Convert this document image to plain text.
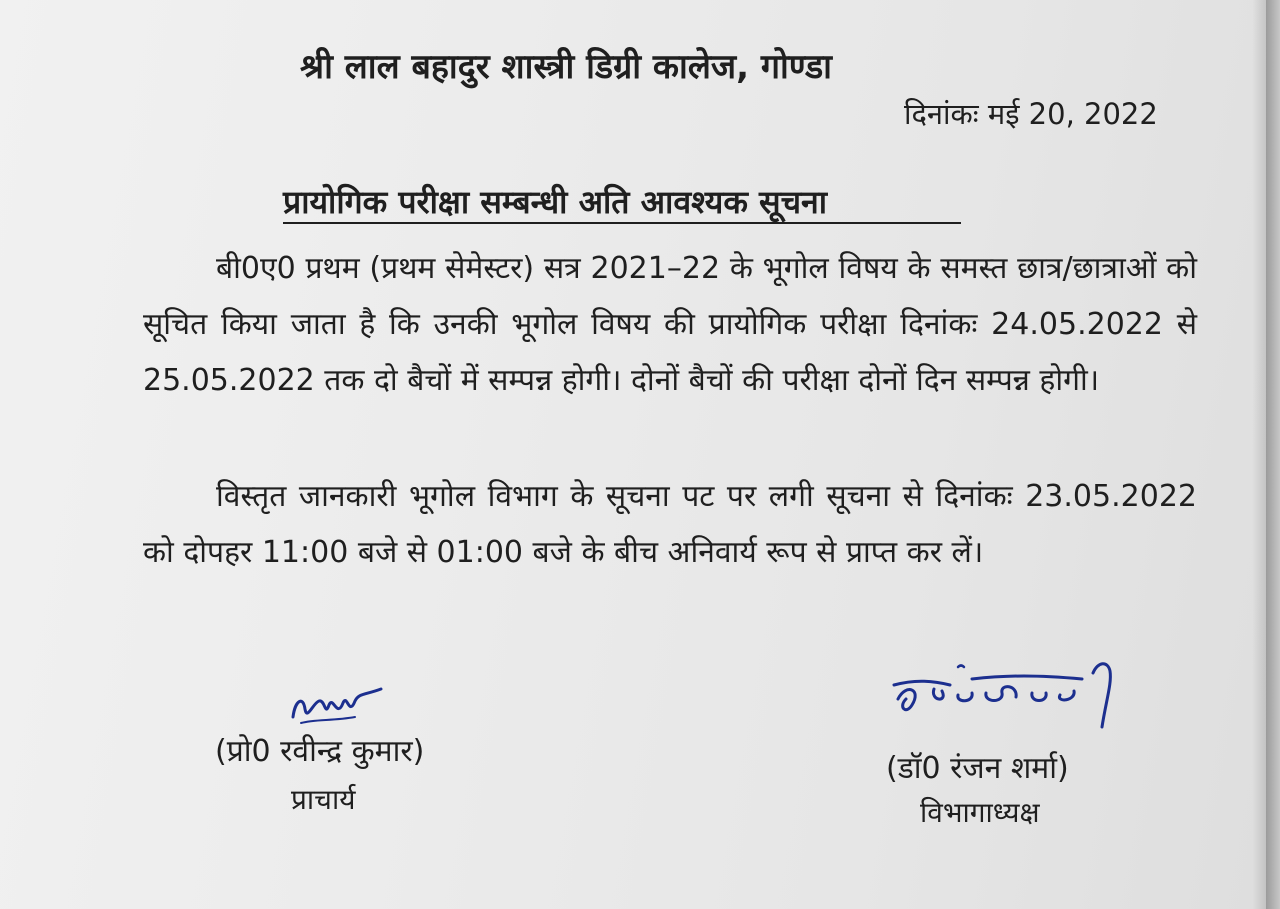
श्री लाल बहादुर शास्त्री डिग्री कालेज, गोण्डा
दिनांकः मई 20, 2022
प्रायोगिक परीक्षा सम्बन्धी अति आवश्यक सूचना

बी0ए0 प्रथम (प्रथम सेमेस्टर) सत्र 2021–22 के भूगोल विषय के समस्त छात्र/छात्राओं को सूचित किया जाता है कि उनकी भूगोल विषय की प्रायोगिक परीक्षा दिनांकः 24.05.2022 से 25.05.2022 तक दो बैचों में सम्पन्न होगी। दोनों बैचों की परीक्षा दोनों दिन सम्पन्न होगी।

विस्तृत जानकारी भूगोल विभाग के सूचना पट पर लगी सूचना से दिनांकः 23.05.2022 को दोपहर 11:00 बजे से 01:00 बजे के बीच अनिवार्य रूप से प्राप्त कर लें।

(प्रो0 रवीन्द्र कुमार)
प्राचार्य
(डॉ0 रंजन शर्मा)
विभागाध्यक्ष
